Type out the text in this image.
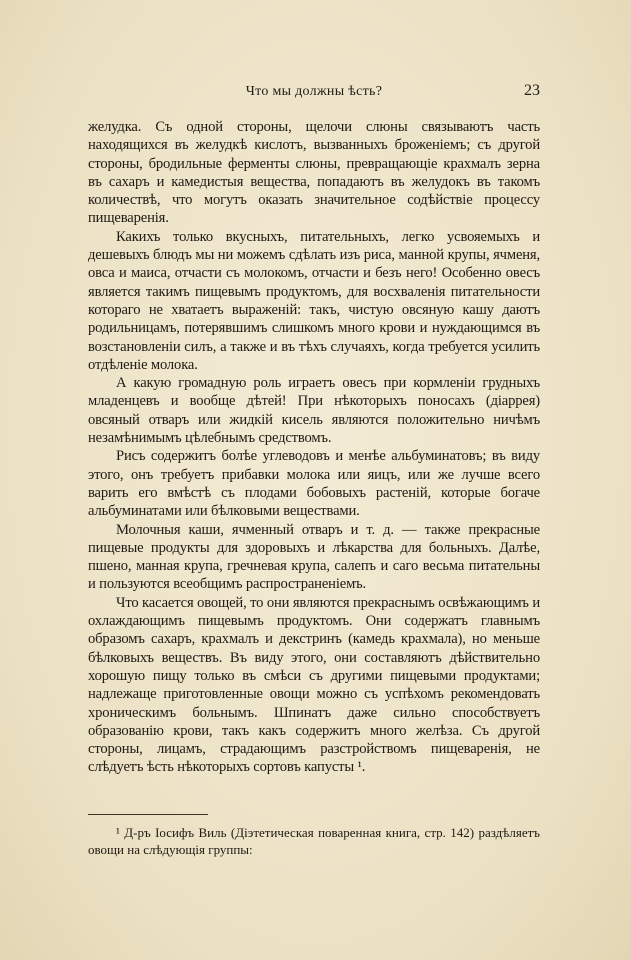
Что мы должны ѣсть?	23

желудка. Съ одной стороны, щелочи слюны связываютъ часть находящихся въ желудкѣ кислотъ, вызванныхъ броженіемъ; съ другой стороны, бродильные ферменты слюны, превращающіе крахмалъ зерна въ сахаръ и камедистыя вещества, попадаютъ въ желудокъ въ такомъ количествѣ, что могутъ оказать значительное содѣйствіе процессу пищеваренія.

Какихъ только вкусныхъ, питательныхъ, легко усвояемыхъ и дешевыхъ блюдъ мы ни можемъ сдѣлать изъ риса, манной крупы, ячменя, овса и маиса, отчасти съ молокомъ, отчасти и безъ него! Особенно овесъ является такимъ пищевымъ продуктомъ, для восхваленія питательности котораго не хватаетъ выраженій: такъ, чистую овсяную кашу даютъ родильницамъ, потерявшимъ слишкомъ много крови и нуждающимся въ возстановленіи силъ, а также и въ тѣхъ случаяхъ, когда требуется усилить отдѣленіе молока.

А какую громадную роль играетъ овесъ при кормленіи грудныхъ младенцевъ и вообще дѣтей! При нѣкоторыхъ поносахъ (діаррея) овсяный отваръ или жидкій кисель являются положительно ничѣмъ незамѣнимымъ цѣлебнымъ средствомъ.

Рисъ содержитъ болѣе углеводовъ и менѣе альбуминатовъ; въ виду этого, онъ требуетъ прибавки молока или яицъ, или же лучше всего варить его вмѣстѣ съ плодами бобовыхъ растеній, которые богаче альбуминатами или бѣлковыми веществами.

Молочныя каши, ячменный отваръ и т. д. — также прекрасные пищевые продукты для здоровыхъ и лѣкарства для больныхъ. Далѣе, пшено, манная крупа, гречневая крупа, салепъ и саго весьма питательны и пользуются всеобщимъ распространеніемъ.

Что касается овощей, то они являются прекраснымъ освѣжающимъ и охлаждающимъ пищевымъ продуктомъ. Они содержатъ главнымъ образомъ сахаръ, крахмалъ и декстринъ (камедь крахмала), но меньше бѣлковыхъ веществъ. Въ виду этого, они составляютъ дѣйствительно хорошую пищу только въ смѣси съ другими пищевыми продуктами; надлежаще приготовленные овощи можно съ успѣхомъ рекомендовать хроническимъ больнымъ. Шпинатъ даже сильно способствуетъ образованію крови, такъ какъ содержитъ много желѣза. Съ другой стороны, лицамъ, страдающимъ разстройствомъ пищеваренія, не слѣдуетъ ѣсть нѣкоторыхъ сортовъ капусты ¹.

¹ Д-ръ Іосифъ Виль (Діэтетическая поваренная книга, стр. 142) раздѣляетъ овощи на слѣдующія группы:
